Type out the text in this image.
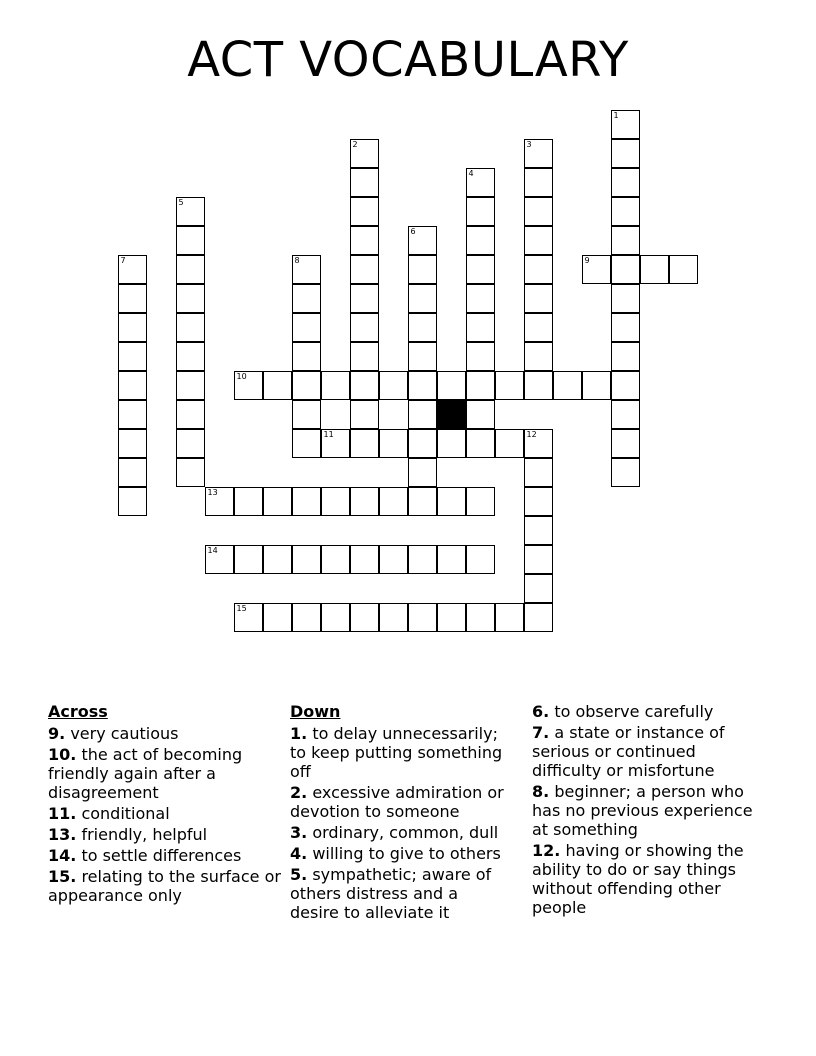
ACT VOCABULARY
1
2	3
4
5
6
7	8	9
10
11	12
13
14
15
Across
9. very cautious
10. the act of becoming friendly again after a disagreement
11. conditional
13. friendly, helpful
14. to settle differences
15. relating to the surface or appearance only
Down
1. to delay unnecessarily; to keep putting something off
2. excessive admiration or devotion to someone
3. ordinary, common, dull
4. willing to give to others
5. sympathetic; aware of others distress and a desire to alleviate it
6. to observe carefully
7. a state or instance of serious or continued difficulty or misfortune
8. beginner; a person who has no previous experience at something
12. having or showing the ability to do or say things without offending other people
